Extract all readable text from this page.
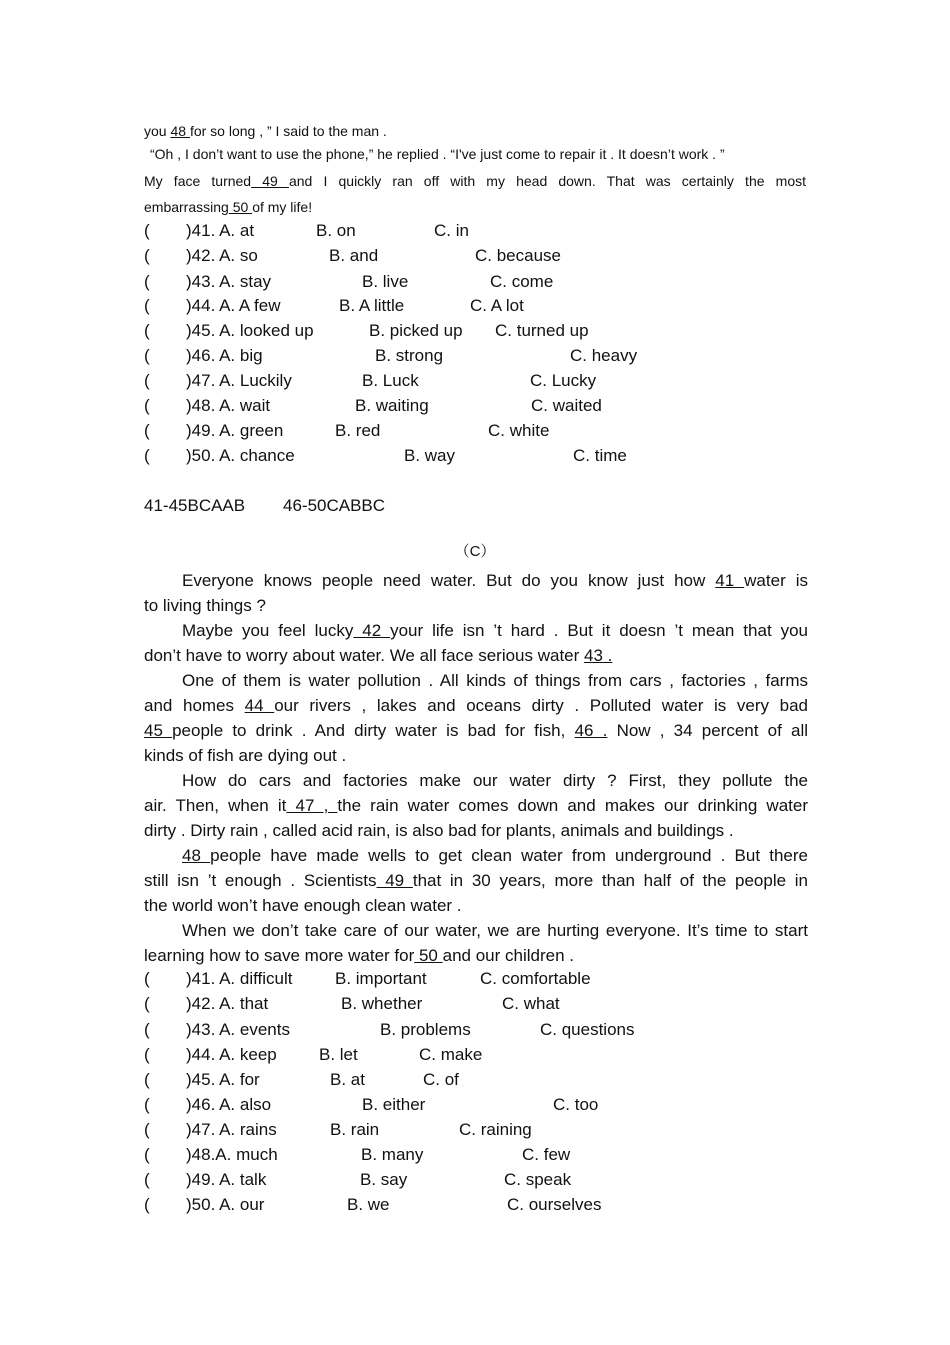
you 48 for so long , ” I said to the man .
“Oh , I don’t want to use the phone,” he replied . “I've just come to repair it . It doesn’t work . ”
My face turned 49 and I quickly ran off with my head down. That was certainly the most
embarrassing 50 of my life!
( )41. A. at	B. on	C. in
( )42. A. so	B. and	C. because
( )43. A. stay	B. live	C. come
( )44. A. A few	B. A little	C. A lot
( )45. A. looked up	B. picked up C. turned up
( )46. A. big	B. strong	C. heavy
( )47. A. Luckily	B. Luck	C. Lucky
( )48. A. wait	B. waiting	C. waited
( )49. A. green	B. red	C. white
( )50. A. chance	B. way	C. time
41-45BCAAB 46-50CABBC
（C）
Everyone knows people need water. But do you know just how 41 water is
to living things ?
Maybe you feel lucky 42 your life isn ’t hard . But it doesn ’t mean that you
don’t have to worry about water. We all face serious water 43 .
One of them is water pollution . All kinds of things from cars , factories , farms
and homes 44 our rivers , lakes and oceans dirty . Polluted water is very bad
45 people to drink . And dirty water is bad for fish, 46 . Now , 34 percent of all
kinds of fish are dying out .
How do cars and factories make our water dirty ? First, they pollute the
air. Then, when it 47 , the rain water comes down and makes our drinking water
dirty . Dirty rain , called acid rain, is also bad for plants, animals and buildings .
48 people have made wells to get clean water from underground . But there
still isn ’t enough . Scientists 49 that in 30 years, more than half of the people in
the world won’t have enough clean water .
When we don’t take care of our water, we are hurting everyone. It’s time to start
learning how to save more water for 50 and our children .
( )41. A. difficult	B. important	C. comfortable
( )42. A. that	B. whether	C. what
( )43. A. events	B. problems	C. questions
( )44. A. keep B. let	C. make
( )45. A. for	B. at	C. of
( )46. A. also	B. either	C. too
( )47. A. rains	B. rain	C. raining
( )48.A. much	B. many	C. few
( )49. A. talk	B. say	C. speak
( )50. A. our	B. we	C. ourselves
